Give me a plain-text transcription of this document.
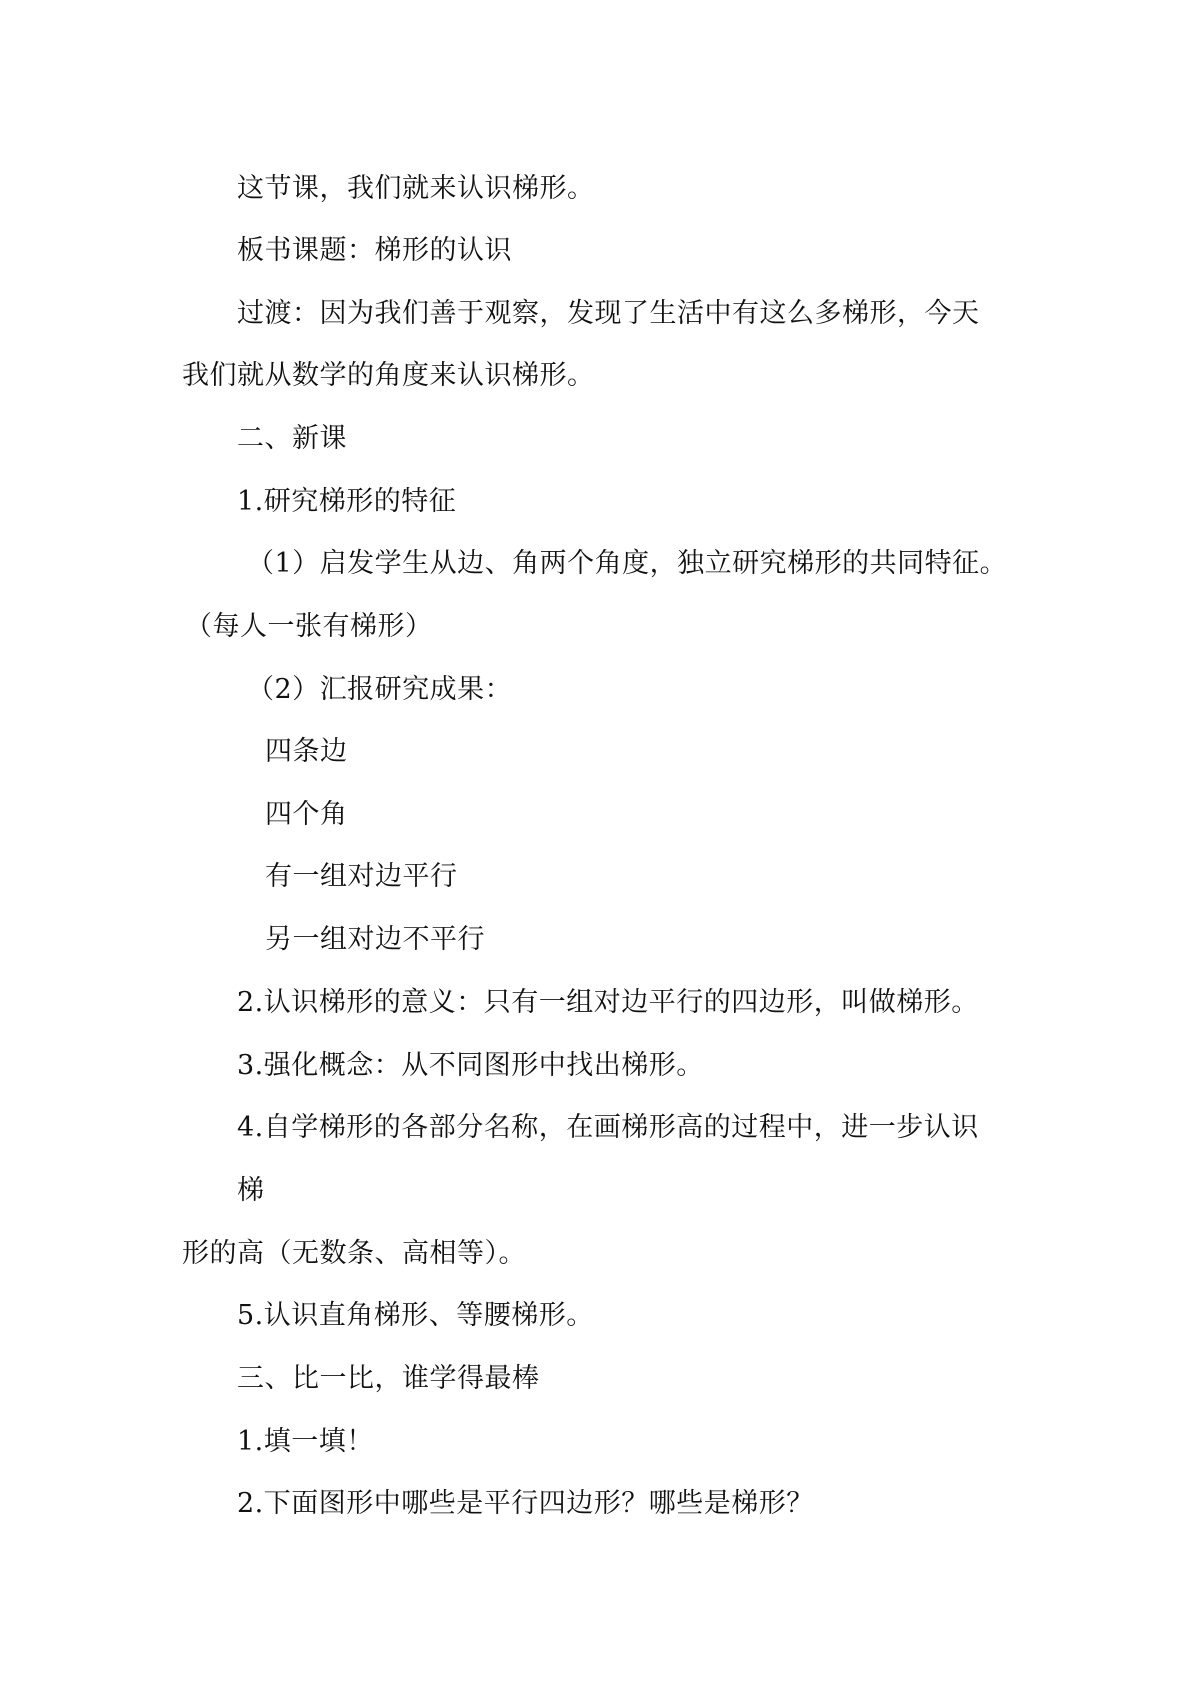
这节课，我们就来认识梯形。
板书课题：梯形的认识
过渡：因为我们善于观察，发现了生活中有这么多梯形，今天
我们就从数学的角度来认识梯形。
二、新课
1.研究梯形的特征
（1）启发学生从边、角两个角度，独立研究梯形的共同特征。
（每人一张有梯形）
（2）汇报研究成果：
四条边
四个角
有一组对边平行
另一组对边不平行
2.认识梯形的意义：只有一组对边平行的四边形，叫做梯形。
3.强化概念：从不同图形中找出梯形。
4.自学梯形的各部分名称，在画梯形高的过程中，进一步认识
梯
形的高（无数条、高相等）。
5.认识直角梯形、等腰梯形。
三、比一比，谁学得最棒
1.填一填！
2.下面图形中哪些是平行四边形？哪些是梯形？
